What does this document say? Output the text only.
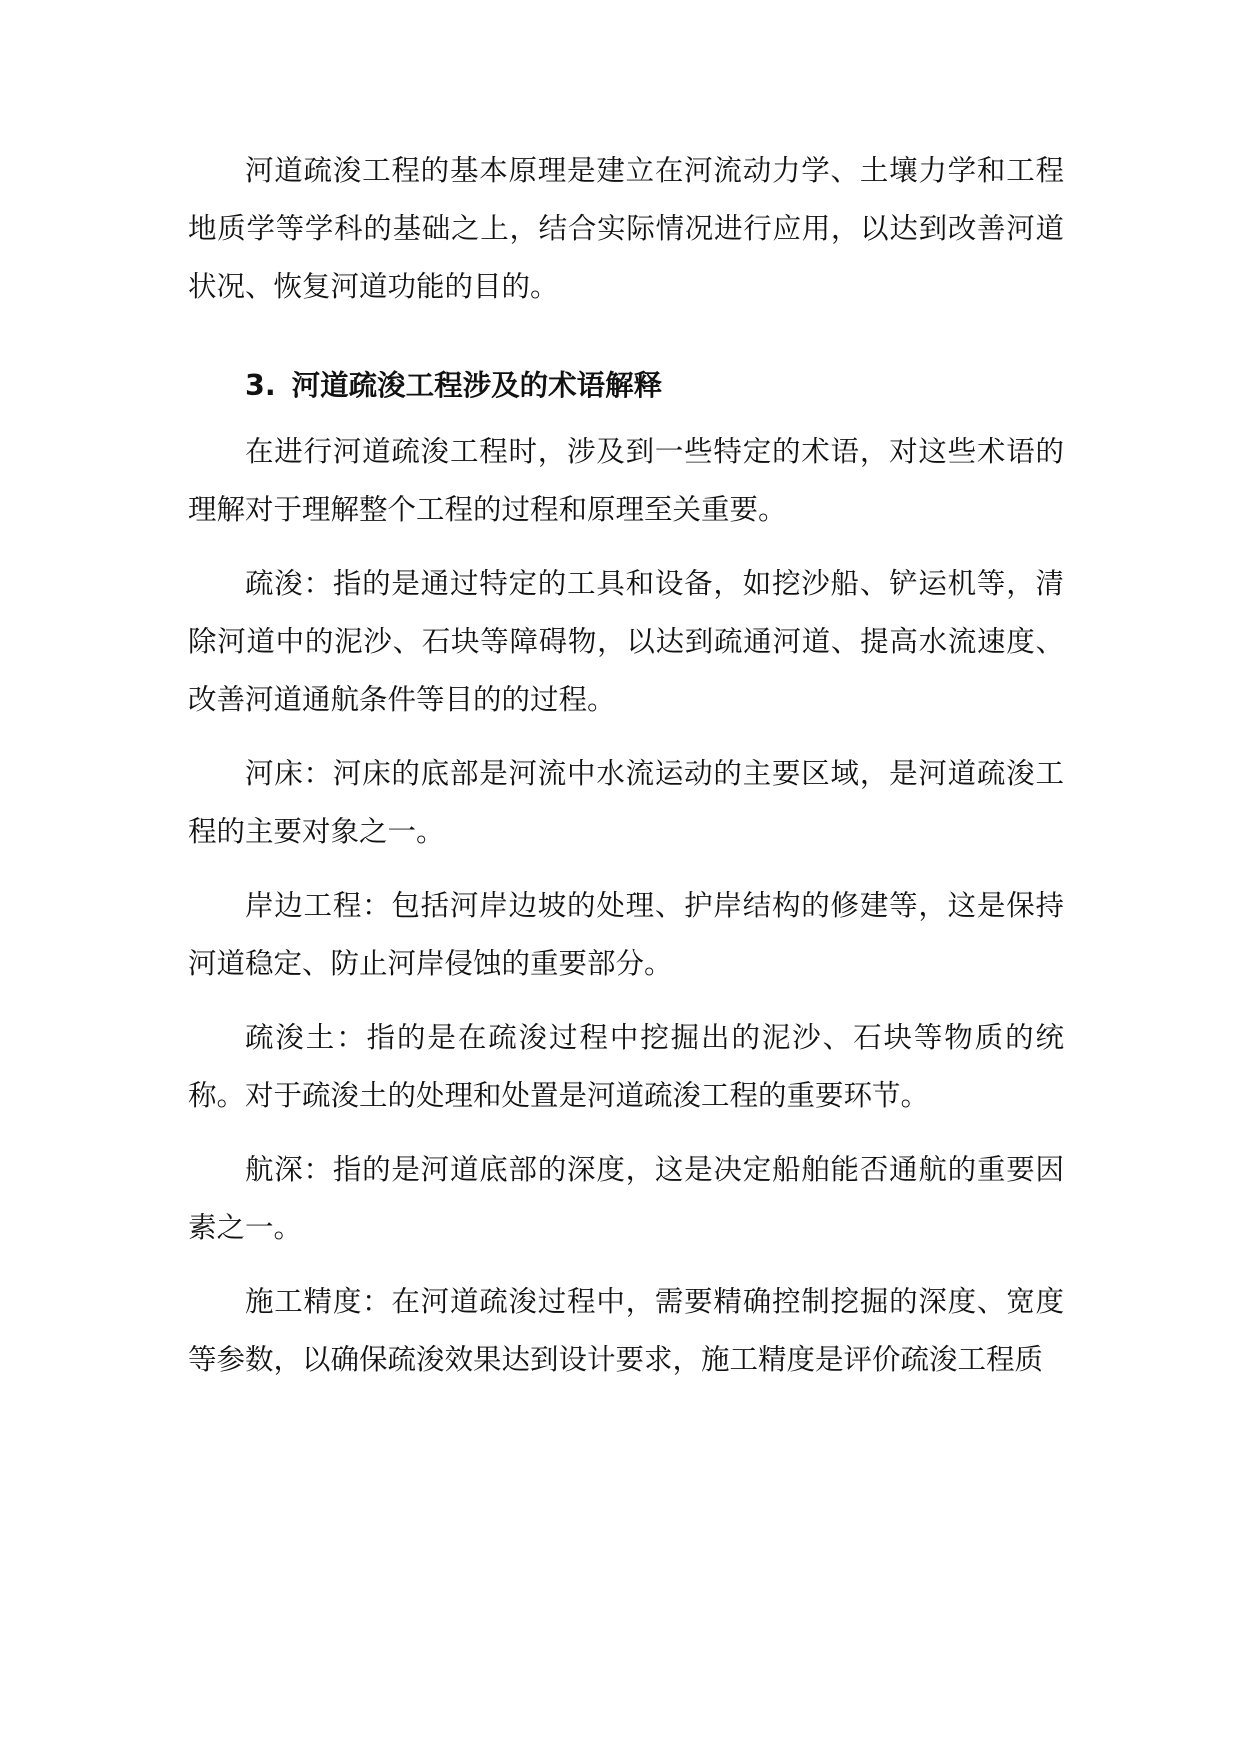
河道疏浚工程的基本原理是建立在河流动力学、土壤力学和工程地质学等学科的基础之上，结合实际情况进行应用，以达到改善河道状况、恢复河道功能的目的。

3. 河道疏浚工程涉及的术语解释

在进行河道疏浚工程时，涉及到一些特定的术语，对这些术语的理解对于理解整个工程的过程和原理至关重要。

疏浚：指的是通过特定的工具和设备，如挖沙船、铲运机等，清除河道中的泥沙、石块等障碍物，以达到疏通河道、提高水流速度、改善河道通航条件等目的的过程。

河床：河床的底部是河流中水流运动的主要区域，是河道疏浚工程的主要对象之一。

岸边工程：包括河岸边坡的处理、护岸结构的修建等，这是保持河道稳定、防止河岸侵蚀的重要部分。

疏浚土：指的是在疏浚过程中挖掘出的泥沙、石块等物质的统称。对于疏浚土的处理和处置是河道疏浚工程的重要环节。

航深：指的是河道底部的深度，这是决定船舶能否通航的重要因素之一。

施工精度：在河道疏浚过程中，需要精确控制挖掘的深度、宽度等参数，以确保疏浚效果达到设计要求，施工精度是评价疏浚工程质
